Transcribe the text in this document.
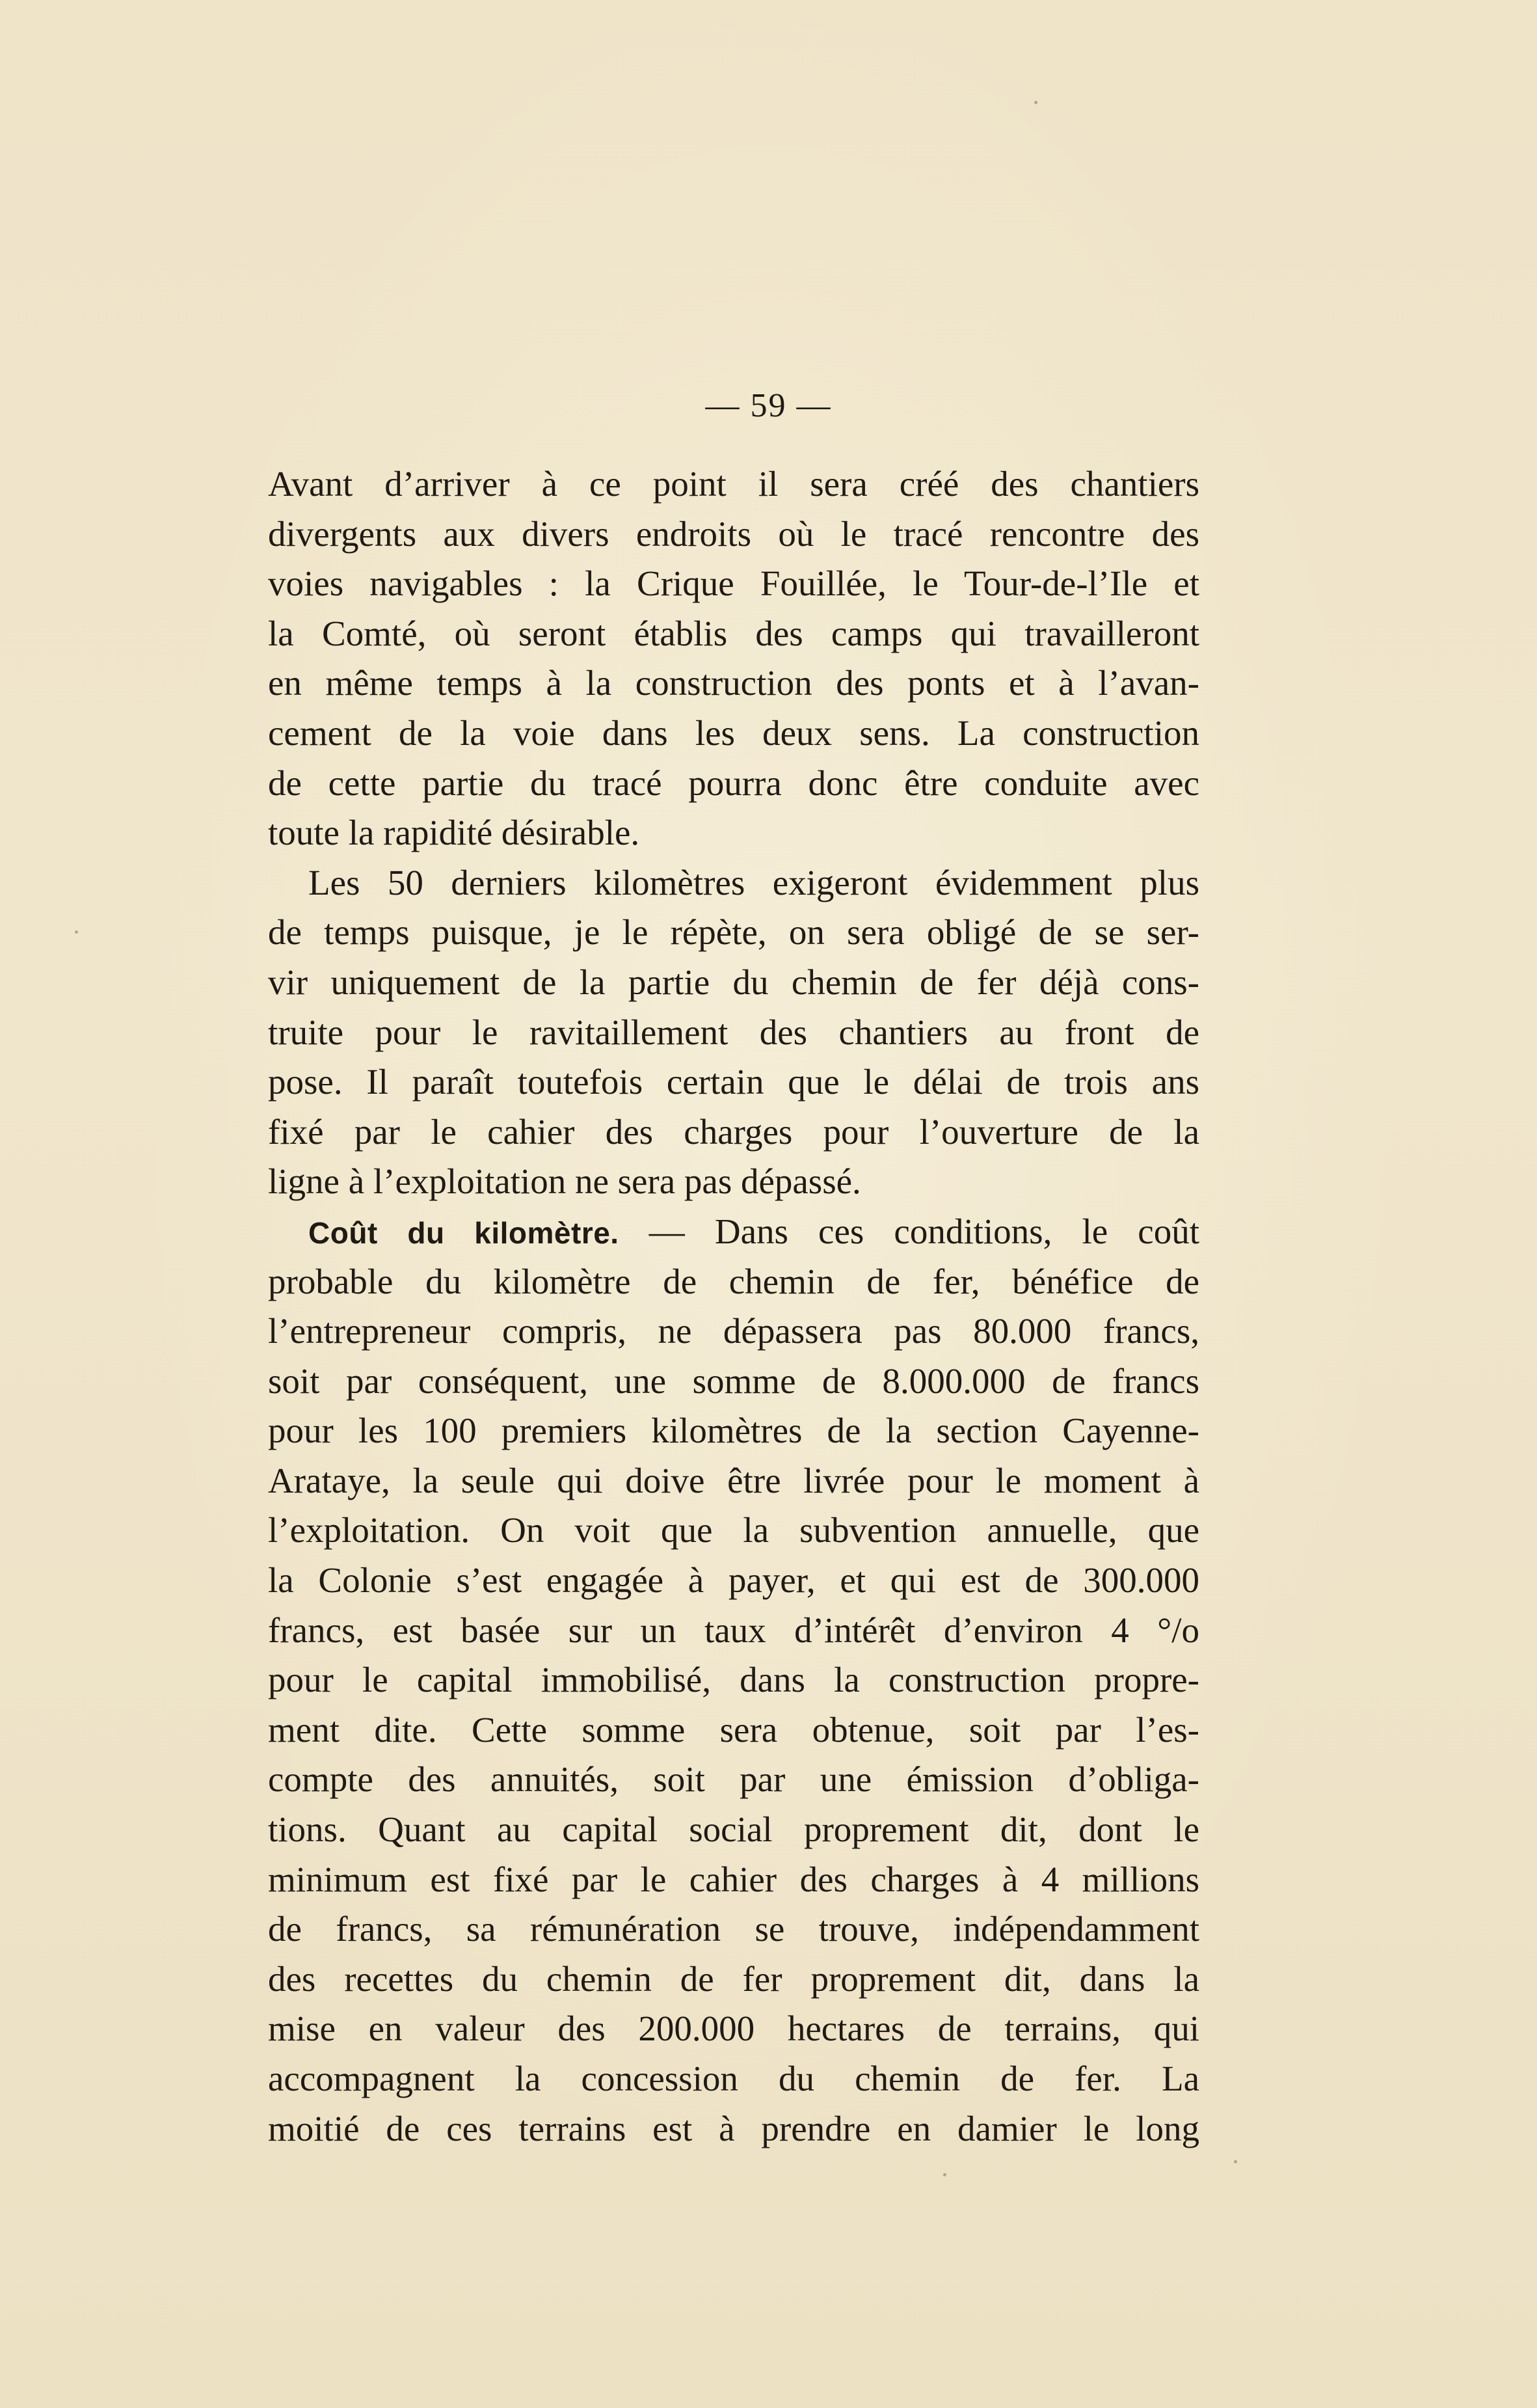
— 59 —
Avant d’arriver à ce point il sera créé des chantiers
divergents aux divers endroits où le tracé rencontre des
voies navigables : la Crique Fouillée, le Tour-de-l’Ile et
la Comté, où seront établis des camps qui travailleront
en même temps à la construction des ponts et à l’avan-
cement de la voie dans les deux sens. La construction
de cette partie du tracé pourra donc être conduite avec
toute la rapidité désirable.
Les 50 derniers kilomètres exigeront évidemment plus
de temps puisque, je le répète, on sera obligé de se ser-
vir uniquement de la partie du chemin de fer déjà cons-
truite pour le ravitaillement des chantiers au front de
pose. Il paraît toutefois certain que le délai de trois ans
fixé par le cahier des charges pour l’ouverture de la
ligne à l’exploitation ne sera pas dépassé.
Coût du kilomètre. — Dans ces conditions, le coût
probable du kilomètre de chemin de fer, bénéfice de
l’entrepreneur compris, ne dépassera pas 80.000 francs,
soit par conséquent, une somme de 8.000.000 de francs
pour les 100 premiers kilomètres de la section Cayenne-
Arataye, la seule qui doive être livrée pour le moment à
l’exploitation. On voit que la subvention annuelle, que
la Colonie s’est engagée à payer, et qui est de 300.000
francs, est basée sur un taux d’intérêt d’environ 4 °/o
pour le capital immobilisé, dans la construction propre-
ment dite. Cette somme sera obtenue, soit par l’es-
compte des annuités, soit par une émission d’obliga-
tions. Quant au capital social proprement dit, dont le
minimum est fixé par le cahier des charges à 4 millions
de francs, sa rémunération se trouve, indépendamment
des recettes du chemin de fer proprement dit, dans la
mise en valeur des 200.000 hectares de terrains, qui
accompagnent la concession du chemin de fer. La
moitié de ces terrains est à prendre en damier le long
